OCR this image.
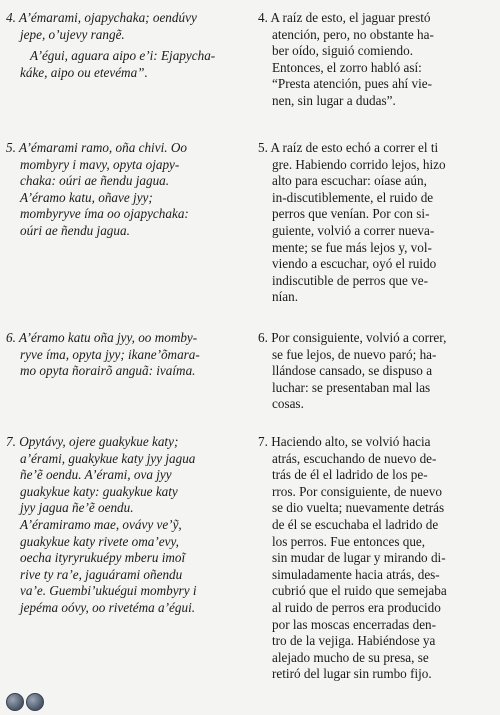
4. A’émarami, ojapychaka; oendúvy
jepe, o’ujevy rangẽ.
A’égui, aguara aipo e’i: Ejapycha-
káke, aipo ou etevéma”.
5. A’émarami ramo, oña chivi. Oo
mombyry i mavy, opyta ojapy-
chaka: oúri ae ñendu jagua.
A’éramo katu, oñave jyy;
mombyryve íma oo ojapychaka:
oúri ae ñendu jagua.
6. A’éramo katu oña jyy, oo momby-
ryve íma, opyta jyy; ikane’õmara-
mo opyta ñorairõ anguã: ivaíma.
7. Opytávy, ojere guakykue katy;
a’érami, guakykue katy jyy jagua
ñe’ẽ oendu. A’érami, ova jyy
guakykue katy: guakykue katy
jyy jagua ñe’ẽ oendu.
A’éramiramo mae, ovávy ve’ỹ,
guakykue katy rivete oma’evy,
oecha ityryrukuépy mberu imoĩ
rive ty ra’e, jaguárami oñendu
va’e. Guembi’ukuégui mombyry i
jepéma oóvy, oo rivetéma a’égui.
4. A raíz de esto, el jaguar prestó
atención, pero, no obstante ha-
ber oído, siguió comiendo.
Entonces, el zorro habló así:
“Presta atención, pues ahí vie-
nen, sin lugar a dudas”.
5. A raíz de esto echó a correr el ti
gre. Habiendo corrido lejos, hizo
alto para escuchar: oíase aún,
in-discutiblemente, el ruido de
perros que venían. Por con si-
guiente, volvió a correr nueva-
mente; se fue más lejos y, vol-
viendo a escuchar, oyó el ruido
indiscutible de perros que ve-
nían.
6. Por consiguiente, volvió a correr,
se fue lejos, de nuevo paró; ha-
llándose cansado, se dispuso a
luchar: se presentaban mal las
cosas.
7. Haciendo alto, se volvió hacia
atrás, escuchando de nuevo de-
trás de él el ladrido de los pe-
rros. Por consiguiente, de nuevo
se dio vuelta; nuevamente detrás
de él se escuchaba el ladrido de
los perros. Fue entonces que,
sin mudar de lugar y mirando di-
simuladamente hacia atrás, des-
cubrió que el ruido que semejaba
al ruido de perros era producido
por las moscas encerradas den-
tro de la vejiga. Habiéndose ya
alejado mucho de su presa, se
retiró del lugar sin rumbo fijo.
